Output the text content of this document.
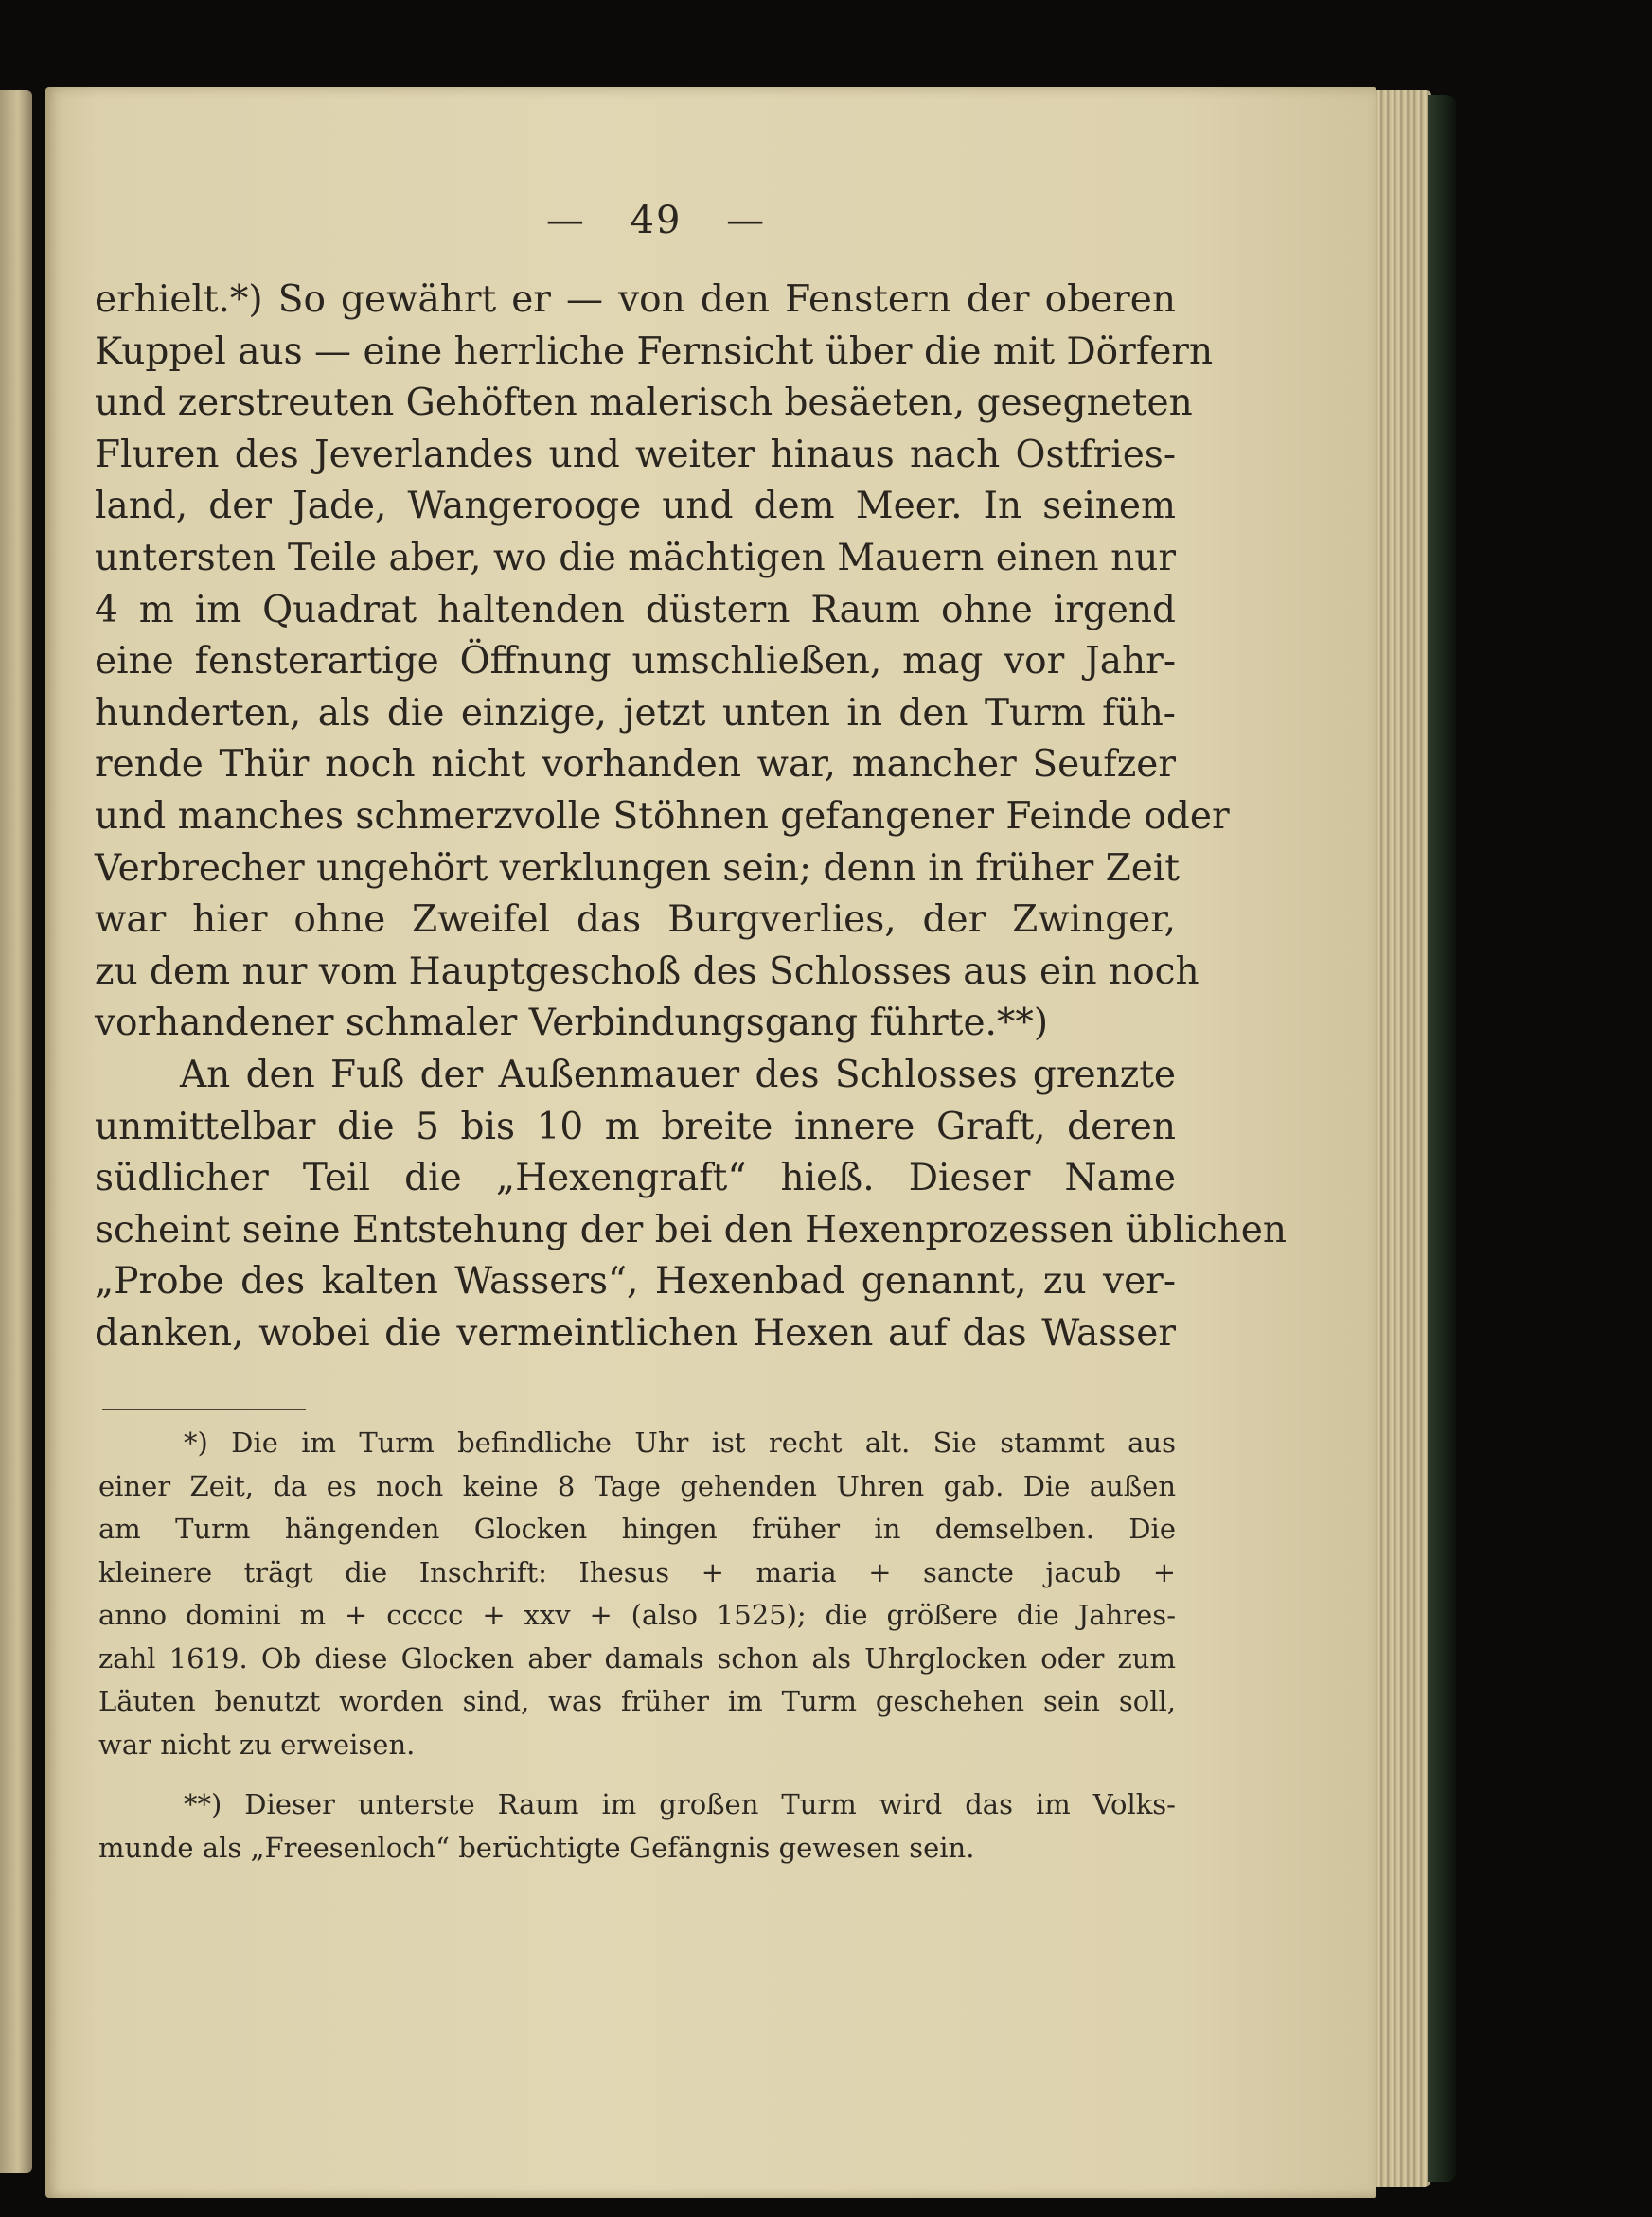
— 49 —
erhielt.*) So gewährt er — von den Fenstern der oberen
Kuppel aus — eine herrliche Fernsicht über die mit Dörfern
und zerstreuten Gehöften malerisch besäeten, gesegneten
Fluren des Jeverlandes und weiter hinaus nach Ostfries-
land, der Jade, Wangerooge und dem Meer. In seinem
untersten Teile aber, wo die mächtigen Mauern einen nur
4 m im Quadrat haltenden düstern Raum ohne irgend
eine fensterartige Öffnung umschließen, mag vor Jahr-
hunderten, als die einzige, jetzt unten in den Turm füh-
rende Thür noch nicht vorhanden war, mancher Seufzer
und manches schmerzvolle Stöhnen gefangener Feinde oder
Verbrecher ungehört verklungen sein; denn in früher Zeit
war hier ohne Zweifel das Burgverlies, der Zwinger,
zu dem nur vom Hauptgeschoß des Schlosses aus ein noch
vorhandener schmaler Verbindungsgang führte.**)
An den Fuß der Außenmauer des Schlosses grenzte
unmittelbar die 5 bis 10 m breite innere Graft, deren
südlicher Teil die „Hexengraft“ hieß. Dieser Name
scheint seine Entstehung der bei den Hexenprozessen üblichen
„Probe des kalten Wassers“, Hexenbad genannt, zu ver-
danken, wobei die vermeintlichen Hexen auf das Wasser
*) Die im Turm befindliche Uhr ist recht alt. Sie stammt aus
einer Zeit, da es noch keine 8 Tage gehenden Uhren gab. Die außen
am Turm hängenden Glocken hingen früher in demselben. Die
kleinere trägt die Inschrift: Ihesus + maria + sancte jacub +
anno domini m + ccccc + xxv + (also 1525); die größere die Jahres-
zahl 1619. Ob diese Glocken aber damals schon als Uhrglocken oder zum
Läuten benutzt worden sind, was früher im Turm geschehen sein soll,
war nicht zu erweisen.
**) Dieser unterste Raum im großen Turm wird das im Volks-
munde als „Freesenloch“ berüchtigte Gefängnis gewesen sein.
